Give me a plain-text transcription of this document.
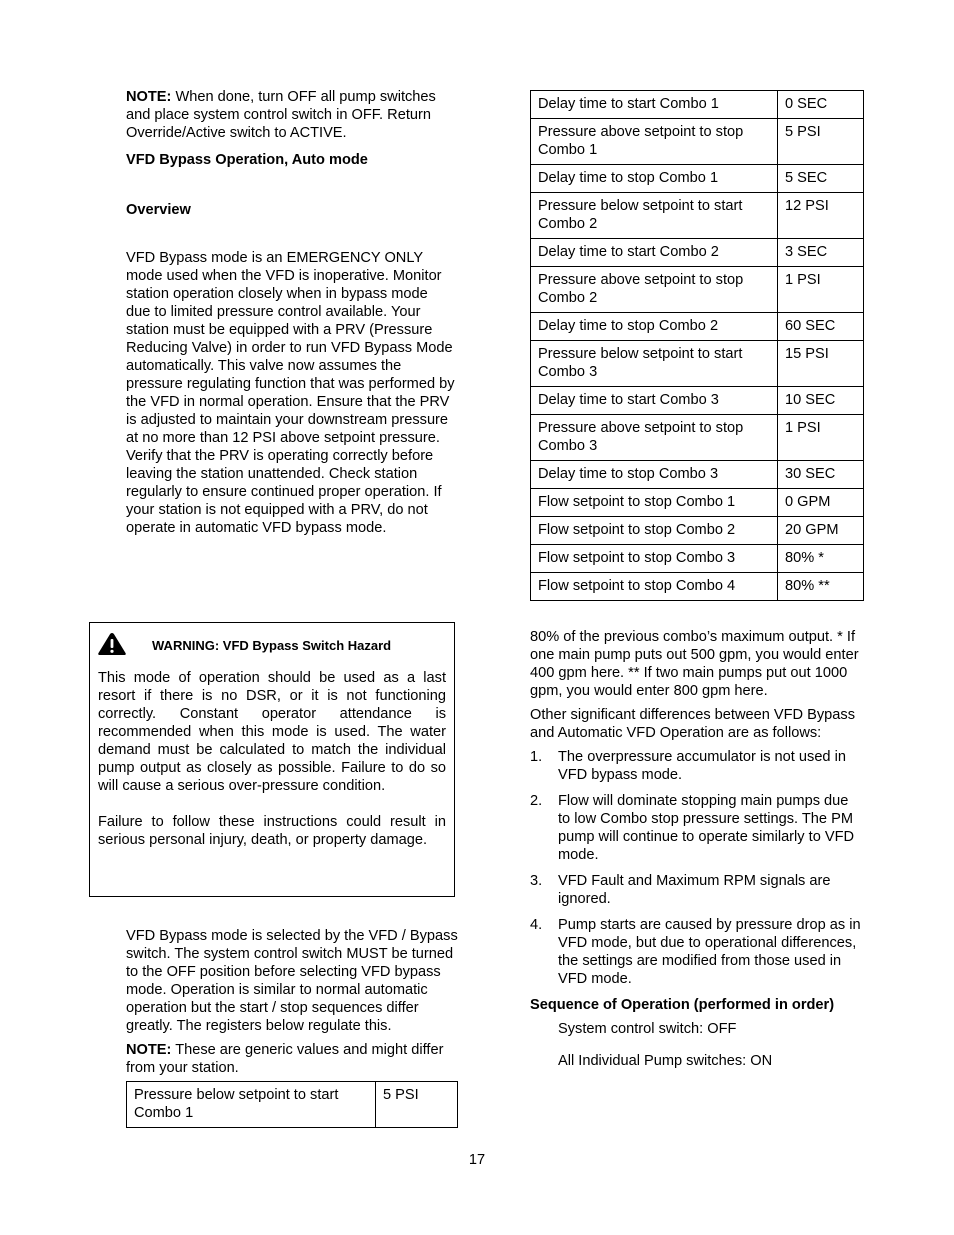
NOTE: When done, turn OFF all pump switches and place system control switch in OFF. Return Override/Active switch to ACTIVE.

VFD Bypass Operation, Auto mode

Overview

VFD Bypass mode is an EMERGENCY ONLY mode used when the VFD is inoperative. Monitor station operation closely when in bypass mode due to limited pressure control available. Your station must be equipped with a PRV (Pressure Reducing Valve) in order to run VFD Bypass Mode automatically. This valve now assumes the pressure regulating function that was performed by the VFD in normal operation. Ensure that the PRV is adjusted to maintain your downstream pressure at no more than 12 PSI above setpoint pressure. Verify that the PRV is operating correctly before leaving the station unattended. Check station regularly to ensure continued proper operation. If your station is not equipped with a PRV, do not operate in automatic VFD bypass mode.

WARNING: VFD Bypass Switch Hazard

This mode of operation should be used as a last resort if there is no DSR, or it is not functioning correctly. Constant operator attendance is recommended when this mode is used. The water demand must be calculated to match the individual pump output as closely as possible. Failure to do so will cause a serious over-pressure condition.

Failure to follow these instructions could result in serious personal injury, death, or property damage.

VFD Bypass mode is selected by the VFD / Bypass switch. The system control switch MUST be turned to the OFF position before selecting VFD bypass mode. Operation is similar to normal automatic operation but the start / stop sequences differ greatly. The registers below regulate this.

NOTE: These are generic values and might differ from your station.

Pressure below setpoint to start Combo 1	5 PSI
Delay time to start Combo 1	0 SEC
Pressure above setpoint to stop Combo 1	5 PSI
Delay time to stop Combo 1	5 SEC
Pressure below setpoint to start Combo 2	12 PSI
Delay time to start Combo 2	3 SEC
Pressure above setpoint to stop Combo 2	1 PSI
Delay time to stop Combo 2	60 SEC
Pressure below setpoint to start Combo 3	15 PSI
Delay time to start Combo 3	10 SEC
Pressure above setpoint to stop Combo 3	1 PSI
Delay time to stop Combo 3	30 SEC
Flow setpoint to stop Combo 1	0 GPM
Flow setpoint to stop Combo 2	20 GPM
Flow setpoint to stop Combo 3	80% *
Flow setpoint to stop Combo 4	80% **

80% of the previous combo’s maximum output. * If one main pump puts out 500 gpm, you would enter 400 gpm here. ** If two main pumps put out 1000 gpm, you would enter 800 gpm here.

Other significant differences between VFD Bypass and Automatic VFD Operation are as follows:

1.	The overpressure accumulator is not used in VFD bypass mode.
2.	Flow will dominate stopping main pumps due to low Combo stop pressure settings. The PM pump will continue to operate similarly to VFD mode.
3.	VFD Fault and Maximum RPM signals are ignored.
4.	Pump starts are caused by pressure drop as in VFD mode, but due to operational differences, the settings are modified from those used in VFD mode.

Sequence of Operation (performed in order)

System control switch: OFF

All Individual Pump switches: ON

17
